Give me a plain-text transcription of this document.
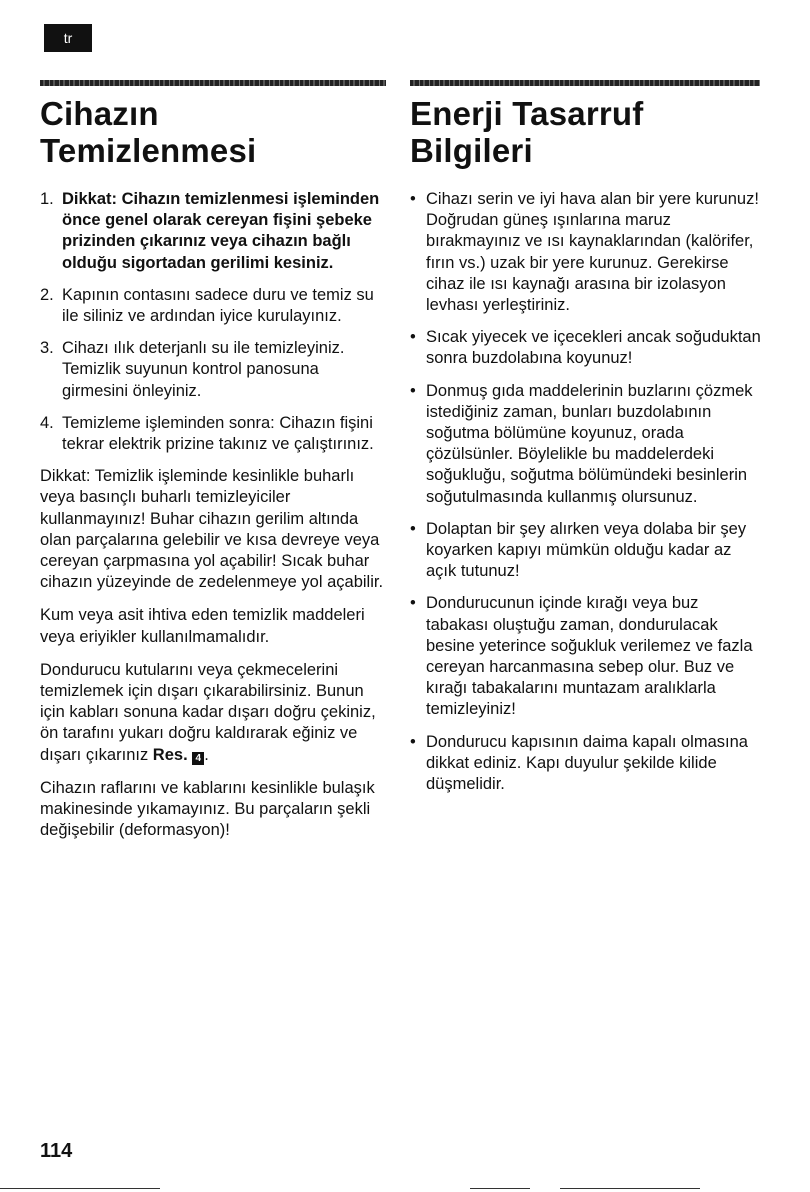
tr
Cihazın
Temizlenmesi
1. Dikkat: Cihazın temizlenmesi işleminden önce genel olarak cereyan fişini şebeke prizinden çıkarınız veya cihazın bağlı olduğu sigortadan gerilimi kesiniz.
2. Kapının contasını sadece duru ve temiz su ile siliniz ve ardından iyice kurulayınız.
3. Cihazı ılık deterjanlı su ile temizleyiniz. Temizlik suyunun kontrol panosuna girmesini önleyiniz.
4. Temizleme işleminden sonra: Cihazın fişini tekrar elektrik prizine takınız ve çalıştırınız.

Dikkat: Temizlik işleminde kesinlikle buharlı veya basınçlı buharlı temizleyiciler kullanmayınız! Buhar cihazın gerilim altında olan parçalarına gelebilir ve kısa devreye veya cereyan çarpmasına yol açabilir! Sıcak buhar cihazın yüzeyinde de zedelenmeye yol açabilir.

Kum veya asit ihtiva eden temizlik maddeleri veya eriyikler kullanılmamalıdır.

Dondurucu kutularını veya çekmecelerini temizlemek için dışarı çıkarabilirsiniz. Bunun için kabları sonuna kadar dışarı doğru çekiniz, ön tarafını yukarı doğru kaldırarak eğiniz ve dışarı çıkarınız Res. 4 .

Cihazın raflarını ve kablarını kesinlikle bulaşık makinesinde yıkamayınız. Bu parçaların şekli değişebilir (deformasyon)!

Enerji Tasarruf
Bilgileri
• Cihazı serin ve iyi hava alan bir yere kurunuz! Doğrudan güneş ışınlarına maruz bırakmayınız ve ısı kaynaklarından (kalörifer, fırın vs.) uzak bir yere kurunuz. Gerekirse cihaz ile ısı kaynağı arasına bir izolasyon levhası yerleştiriniz.
• Sıcak yiyecek ve içecekleri ancak soğuduktan sonra buzdolabına koyunuz!
• Donmuş gıda maddelerinin buzlarını çözmek istediğiniz zaman, bunları buzdolabının soğutma bölümüne koyunuz, orada çözülsünler. Böylelikle bu maddelerdeki soğukluğu, soğutma bölümündeki besinlerin soğutulmasında kullanmış olursunuz.
• Dolaptan bir şey alırken veya dolaba bir şey koyarken kapıyı mümkün olduğu kadar az açık tutunuz!
• Dondurucunun içinde kırağı veya buz tabakası oluştuğu zaman, dondurulacak besine yeterince soğukluk verilemez ve fazla cereyan harcanmasına sebep olur. Buz ve kırağı tabakalarını muntazam aralıklarla temizleyiniz!
• Dondurucu kapısının daima kapalı olmasına dikkat ediniz. Kapı duyulur şekilde kilide düşmelidir.
114
